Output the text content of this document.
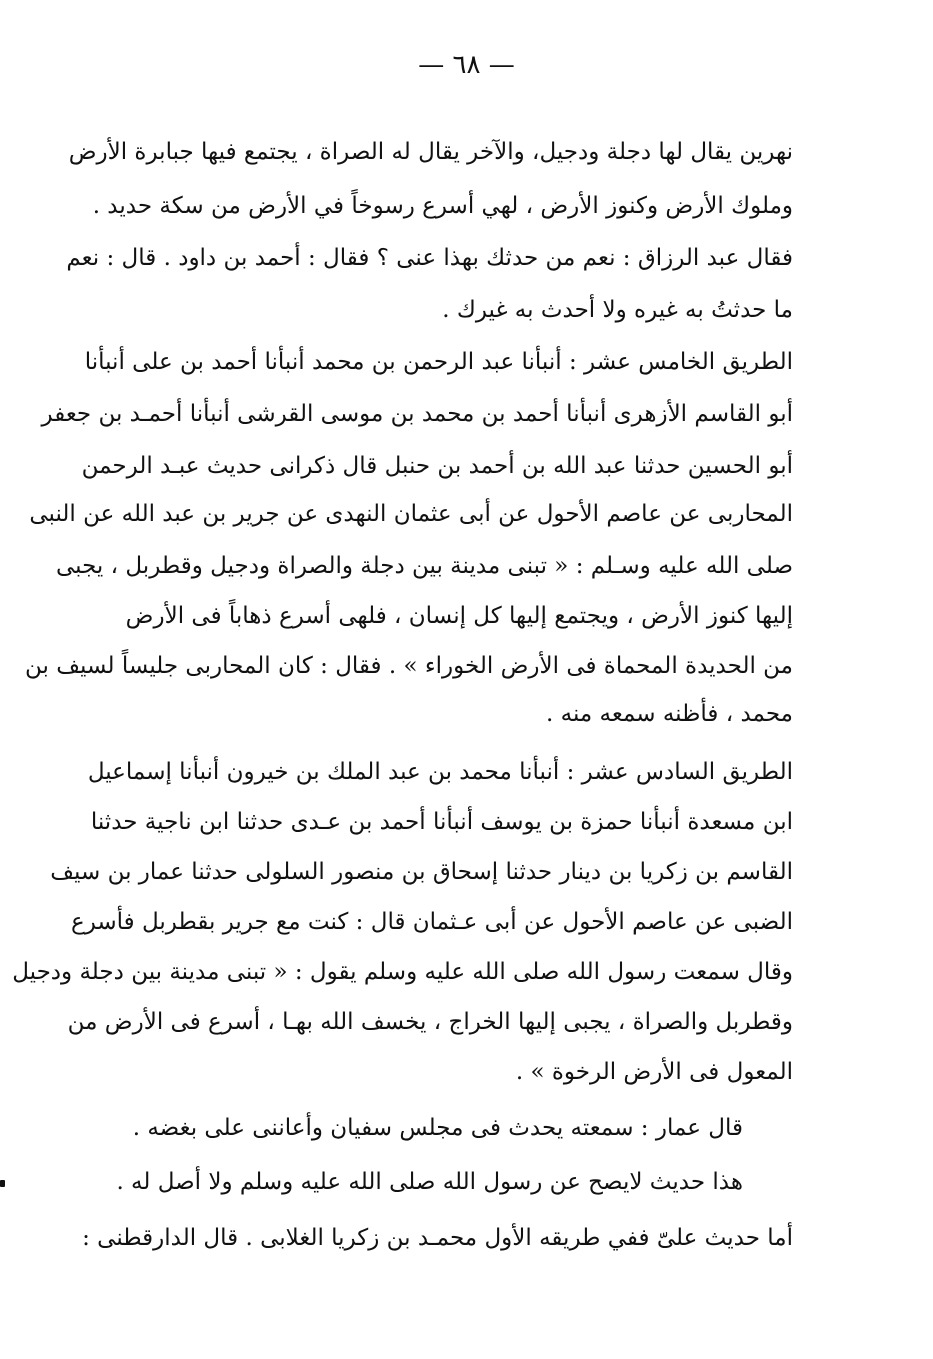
— ٦٨ —
نهرين يقال لها دجلة ودجيل، والآخر يقال له الصراة ، يجتمع فيها جبابرة الأرض
وملوك الأرض وكنوز الأرض ، لهي أسرع رسوخاً في الأرض من سكة حديد .
فقال عبد الرزاق : نعم من حدثك بهذا عنى ؟ فقال : أحمد بن داود . قال : نعم
ما حدثتُ به غيره ولا أحدث به غيرك .
الطريق الخامس عشر : أنبأنا عبد الرحمن بن محمد أنبأنا أحمد بن على أنبأنا
أبو القاسم الأزهرى أنبأنا أحمد بن محمد بن موسى القرشى أنبأنا أحمـد بن جعفر
أبو الحسين حدثنا عبد الله بن أحمد بن حنبل قال ذكرانى حديث عبـد الرحمن
المحاربى عن عاصم الأحول عن أبى عثمان النهدى عن جرير بن عبد الله عن النبى
صلى الله عليه وسـلم : « تبنى مدينة بين دجلة والصراة ودجيل وقطربل ، يجبى
إليها كنوز الأرض ، ويجتمع إليها كل إنسان ، فلهى أسرع ذهاباً فى الأرض
من الحديدة المحماة فى الأرض الخوراء » . فقال : كان المحاربى جليساً لسيف بن
محمد ، فأظنه سمعه منه .
الطريق السادس عشر : أنبأنا محمد بن عبد الملك بن خيرون أنبأنا إسماعيل
ابن مسعدة أنبأنا حمزة بن يوسف أنبأنا أحمد بن عـدى حدثنا ابن ناجية حدثنا
القاسم بن زكريا بن دينار حدثنا إسحاق بن منصور السلولى حدثنا عمار بن سيف
الضبى عن عاصم الأحول عن أبى عـثمان قال : كنت مع جرير بقطربل فأسرع
وقال سمعت رسول الله صلى الله عليه وسلم يقول : « تبنى مدينة بين دجلة ودجيل
وقطربل والصراة ، يجبى إليها الخراج ، يخسف الله بهـا ، أسرع فى الأرض من
المعول فى الأرض الرخوة » .
قال عمار : سمعته يحدث فى مجلس سفيان وأعاننى على بغضه .
هذا حديث لايصح عن رسول الله صلى الله عليه وسلم ولا أصل له .
أما حديث علىّ ففي طريقه الأول محمـد بن زكريا الغلابى . قال الدارقطنى :
